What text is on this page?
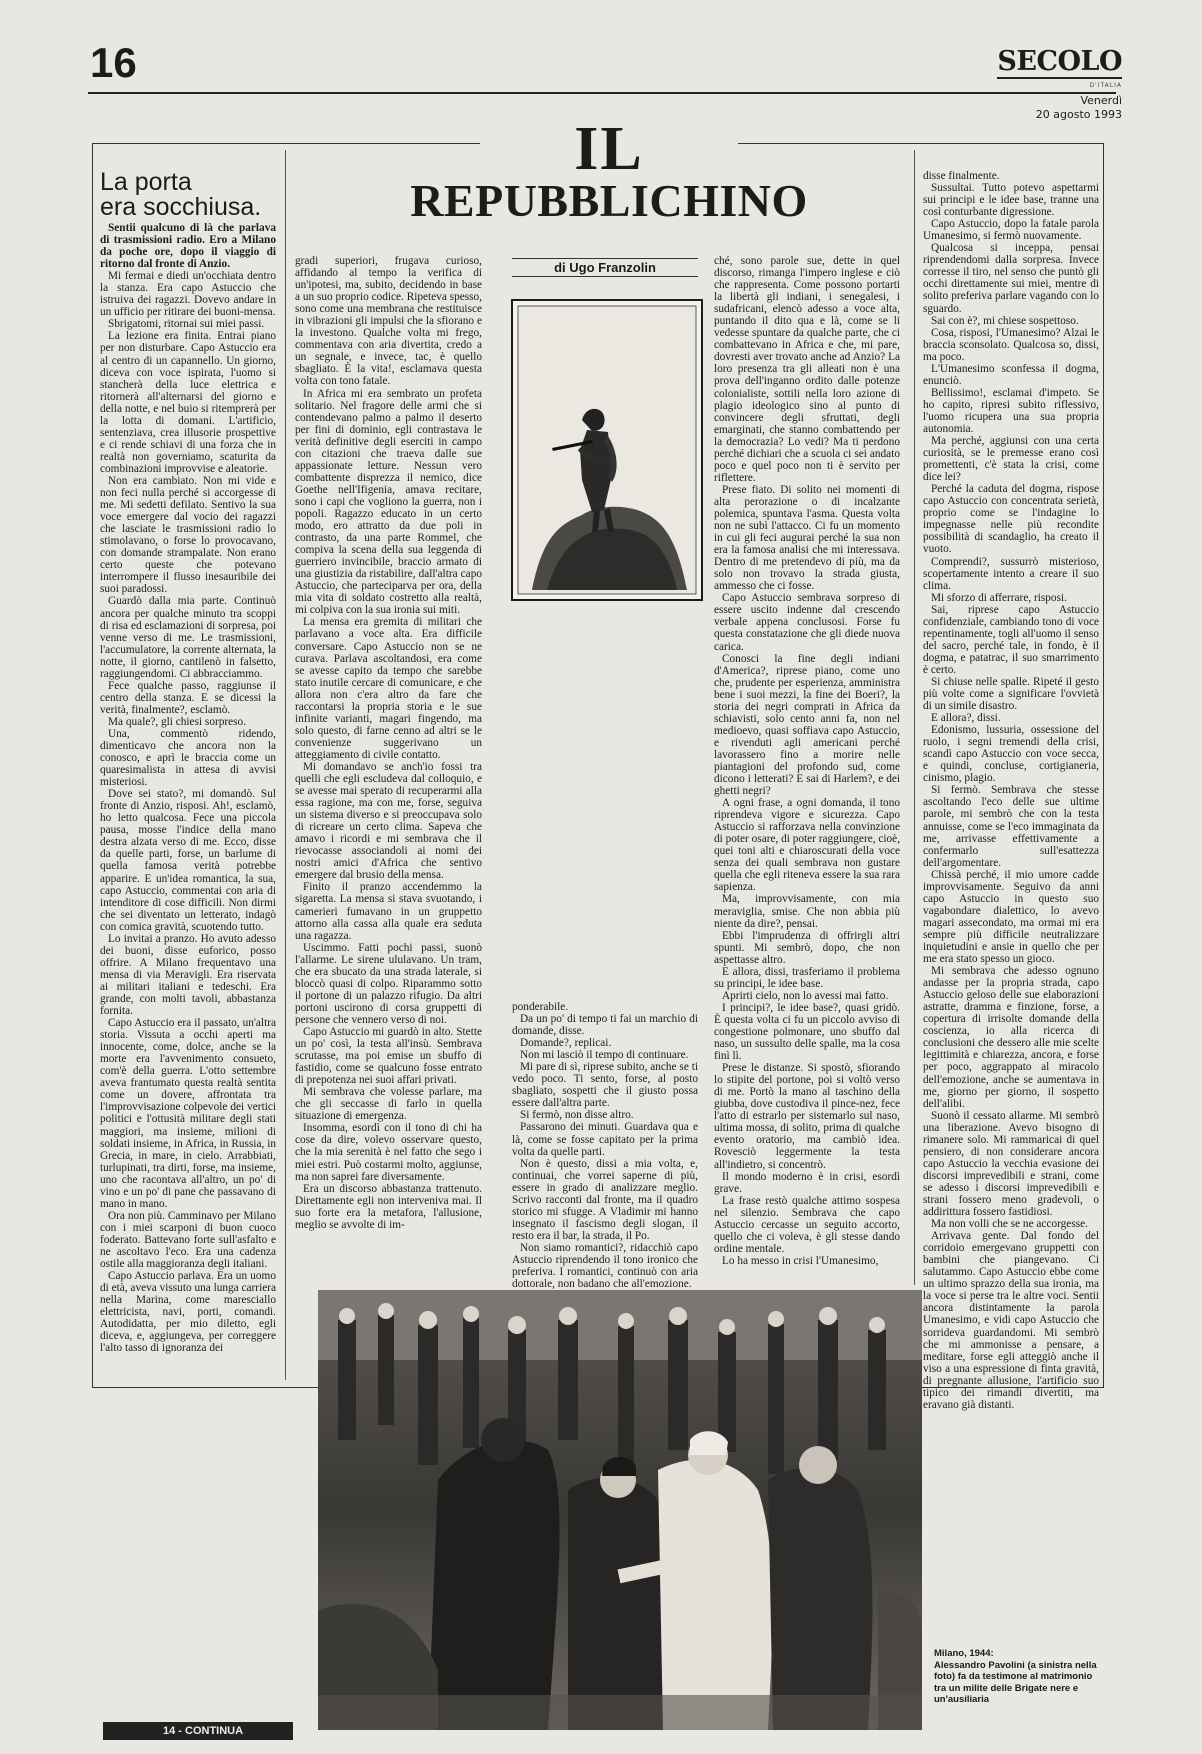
16	SECOLO
D'ITALIA
Venerdì
20 agosto 1993
IL
REPUBBLICHINO
La porta
era socchiusa.
di Ugo Franzolin

Sentii qualcuno di là che parlava di trasmissioni radio. Ero a Milano da poche ore, dopo il viaggio di ritorno dal fronte di Anzio.

Mi fermai e diedi un'occhiata dentro la stanza. Era capo Astuccio che istruiva dei ragazzi. Dovevo andare in un ufficio per ritirare dei buoni-mensa.

Sbrigatomi, ritornai sui miei passi.

La lezione era finita. Entrai piano per non disturbare. Capo Astuccio era al centro di un capannello. Un giorno, diceva con voce ispirata, l'uomo si stancherà della luce elettrica e ritornerà all'alternarsi del giorno e della notte, e nel buio si ritemprerà per la lotta di domani. L'artificio, sentenziava, crea illusorie prospettive e ci rende schiavi di una forza che in realtà non governiamo, scaturita da combinazioni improvvise e aleatorie.

Non era cambiato. Non mi vide e non feci nulla perché si accorgesse di me. Mi sedetti defilato. Sentivo la sua voce emergere dal vocio dei ragazzi che lasciate le trasmissioni radio lo stimolavano, o forse lo provocavano, con domande strampalate. Non erano certo queste che potevano interrompere il flusso inesauribile dei suoi paradossi.

Guardò dalla mia parte. Continuò ancora per qualche minuto tra scoppi di risa ed esclamazioni di sorpresa, poi venne verso di me. Le trasmissioni, l'accumulatore, la corrente alternata, la notte, il giorno, cantilenò in falsetto, raggiungendomi. Ci abbracciammo.

Fece qualche passo, raggiunse il centro della stanza. E se dicessi la verità, finalmente?, esclamò.

Ma quale?, gli chiesi sorpreso.

Una, commentò ridendo, dimenticavo che ancora non la conosco, e aprì le braccia come un quaresimalista in attesa di avvisi misteriosi.

Dove sei stato?, mi domandò. Sul fronte di Anzio, risposi. Ah!, esclamò, ho letto qualcosa. Fece una piccola pausa, mosse l'indice della mano destra alzata verso di me. Ecco, disse da quelle parti, forse, un barlume di quella famosa verità potrebbe apparire. E un'idea romantica, la sua, capo Astuccio, commentai con aria di intenditore di cose difficili. Non dirmi che sei diventato un letterato, indagò con comica gravità, scuotendo tutto.

Lo invitai a pranzo. Ho avuto adesso dei buoni, disse euforico, posso offrire. A Milano frequentavo una mensa di via Meravigli. Era riservata ai militari italiani e tedeschi. Era grande, con molti tavoli, abbastanza fornita.

Capo Astuccio era il passato, un'altra storia. Vissuta a occhi aperti ma innocente, come, dolce, anche se la morte era l'avvenimento consueto, com'è della guerra. L'otto settembre aveva frantumato questa realtà sentita come un dovere, affrontata tra l'improvvisazione colpevole dei vertici politici e l'ottusità militare degli stati maggiori, ma insieme, milioni di soldati insieme, in Africa, in Russia, in Grecia, in mare, in cielo. Arrabbiati, turlupinati, tra dirti, forse, ma insieme, uno che racontava all'altro, un po' di vino e un po' di pane che passavano di mano in mano.

Ora non più. Camminavo per Milano con i miei scarponi di buon cuoco foderato. Battevano forte sull'asfalto e ne ascoltavo l'eco. Era una cadenza ostile alla maggioranza degli italiani.

Capo Astuccio parlava. Era un uomo di età, aveva vissuto una lunga carriera nella Marina, come maresciallo elettricista, navi, porti, comandi. Autodidatta, per mio diletto, egli diceva, e, aggiungeva, per correggere l'alto tasso di ignoranza dei

gradi superiori, frugava curioso, affidando al tempo la verifica di un'ipotesi, ma, subito, decidendo in base a un suo proprio codice. Ripeteva spesso, sono come una membrana che restituisce in vibrazioni gli impulsi che la sfiorano e la investono. Qualche volta mi frego, commentava con aria divertita, credo a un segnale, e invece, tac, è quello sbagliato. È la vita!, esclamava questa volta con tono fatale.

In Africa mi era sembrato un profeta solitario. Nel fragore delle armi che si contendevano palmo a palmo il deserto per fini di dominio, egli contrastava le verità definitive degli eserciti in campo con citazioni che traeva dalle sue appassionate letture. Nessun vero combattente disprezza il nemico, dice Goethe nell'Ifigenia, amava recitare, sono i capi che vogliono la guerra, non i popoli. Ragazzo educato in un certo modo, ero attratto da due poli in contrasto, da una parte Rommel, che compiva la scena della sua leggenda di guerriero invincibile, braccio armato di una giustizia da ristabilire, dall'altra capo Astuccio, che parteciparva per ora, della mia vita di soldato costretto alla realtà, mi colpiva con la sua ironia sui miti.

La mensa era gremita di militari che parlavano a voce alta. Era difficile conversare. Capo Astuccio non se ne curava. Parlava ascoltandosi, era come se avesse capito da tempo che sarebbe stato inutile cercare di comunicare, e che allora non c'era altro da fare che raccontarsi la propria storia e le sue infinite varianti, magari fingendo, ma solo questo, di farne cenno ad altri se le convenienze suggerivano un atteggiamento di civile contatto.

Mi domandavo se anch'io fossi tra quelli che egli escludeva dal colloquio, e se avesse mai sperato di recuperarmi alla essa ragione, ma con me, forse, seguiva un sistema diverso e si preoccupava solo di ricreare un certo clima. Sapeva che amavo i ricordi e mi sembrava che il rievocasse associandoli ai nomi dei nostri amici d'Africa che sentivo emergere dal brusio della mensa.

Finito il pranzo accendemmo la sigaretta. La mensa si stava svuotando, i camerieri fumavano in un gruppetto attorno alla cassa alla quale era seduta una ragazza.

Uscimmo. Fatti pochi passi, suonò l'allarme. Le sirene ululavano. Un tram, che era sbucato da una strada laterale, si bloccò quasi di colpo. Riparammo sotto il portone di un palazzo rifugio. Da altri portoni uscirono di corsa gruppetti di persone che vennero verso di noi.

Capo Astuccio mi guardò in alto. Stette un po' così, la testa all'insù. Sembrava scrutasse, ma poi emise un sbuffo di fastidio, come se qualcuno fosse entrato di prepotenza nei suoi affari privati.

Mi sembrava che volesse parlare, ma che gli seccasse di farlo in quella situazione di emergenza.

Insomma, esordì con il tono di chi ha cose da dire, volevo osservare questo, che la mia serenità è nel fatto che sego i miei estri. Può costarmi molto, aggiunse, ma non saprei fare diversamente.

Era un discorso abbastanza trattenuto. Direttamente egli non interveniva mai. Il suo forte era la metafora, l'allusione, meglio se avvolte di im-

ponderabile.

Da un po' di tempo ti fai un marchio di domande, disse.

Domande?, replicai.

Non mi lasciò il tempo di continuare.

Mi pare di sì, riprese subito, anche se ti vedo poco. Ti sento, forse, al posto sbagliato, sospetti che il giusto possa essere dall'altra parte.

Si fermò, non disse altro.

Passarono dei minuti. Guardava qua e là, come se fosse capitato per la prima volta da quelle parti.

Non è questo, dissi a mia volta, e, continuai, che vorrei saperne di più, essere in grado di analizzare meglio. Scrivo racconti dal fronte, ma il quadro storico mi sfugge. A Vladimir mi hanno insegnato il fascismo degli slogan, il resto era il bar, la strada, il Po.

Non siamo romantici?, ridacchiò capo Astuccio riprendendo il tono ironico che preferiva. I romantici, continuò con aria dottorale, non badano che all'emozione.

ché, sono parole sue, dette in quel discorso, rimanga l'impero inglese e ciò che rappresenta. Come possono portarti la libertà gli indiani, i senegalesi, i sudafricani, elencò adesso a voce alta, puntando il dito qua e là, come se li vedesse spuntare da qualche parte, che ci combattevano in Africa e che, mi pare, dovresti aver trovato anche ad Anzio? La loro presenza tra gli alleati non è una prova dell'inganno ordito dalle potenze colonialiste, sottili nella loro azione di plagio ideologico sino al punto di convincere degli sfruttati, degli emarginati, che stanno combattendo per la democrazia? Lo vedi? Ma ti perdono perché dichiari che a scuola ci sei andato poco e quel poco non ti è servito per riflettere.

Prese fiato. Di solito nei momenti di alta perorazione o di incalzante polemica, spuntava l'asma. Questa volta non ne subì l'attacco. Ci fu un momento in cui gli feci augurai perché la sua non era la famosa analisi che mi interessava. Dentro di me pretendevo di più, ma da solo non trovavo la strada giusta, ammesso che ci fosse.

Capo Astuccio sembrava sorpreso di essere uscito indenne dal crescendo verbale appena conclusosi. Forse fu questa constatazione che gli diede nuova carica.

Conosci la fine degli indiani d'America?, riprese piano, come uno che, prudente per esperienza, amministra bene i suoi mezzi, la fine dei Boeri?, la storia dei negri comprati in Africa da schiavisti, solo cento anni fa, non nel medioevo, quasi soffiava capo Astuccio, e rivenduti agli americani perché lavorassero fino a morire nelle piantagioni del profondo sud, come dicono i letterati? E sai di Harlem?, e dei ghetti negri?

A ogni frase, a ogni domanda, il tono riprendeva vigore e sicurezza. Capo Astuccio si rafforzava nella convinzione di poter osare, di poter raggiungere, cioè, quei toni alti e chiaroscurati della voce senza dei quali sembrava non gustare quella che egli riteneva essere la sua rara sapienza.

Ma, improvvisamente, con mia meraviglia, smise. Che non abbia più niente da dire?, pensai.

Ebbi l'imprudenza di offrirgli altri spunti. Mi sembrò, dopo, che non aspettasse altro.

E allora, dissi, trasferiamo il problema su principi, le idee base.

Aprirti cielo, non lo avessi mai fatto.

I principi?, le idee base?, quasi gridò. È questa volta ci fu un piccolo avviso di congestione polmonare, uno sbuffo dal naso, un sussulto delle spalle, ma la cosa finì lì.

Prese le distanze. Si spostò, sfiorando lo stipite del portone, poi si voltò verso di me. Portò la mano al taschino della giubba, dove custodiva il pince-nez, fece l'atto di estrarlo per sistemarlo sul naso, ultima mossa, di solito, prima di qualche evento oratorio, ma cambiò idea. Rovesciò leggermente la testa all'indietro, si concentrò.

Il mondo moderno è in crisi, esordì grave.

La frase restò qualche attimo sospesa nel silenzio. Sembrava che capo Astuccio cercasse un seguito accorto, quello che ci voleva, è gli stesse dando ordine mentale.

Lo ha messo in crisi l'Umanesimo,

disse finalmente.

Sussultai. Tutto potevo aspettarmi sui principi e le idee base, tranne una così conturbante digressione.

Capo Astuccio, dopo la fatale parola Umanesimo, si fermò nuovamente.

Qualcosa si inceppa, pensai riprendendomi dalla sorpresa. Invece corresse il tiro, nel senso che puntò gli occhi direttamente sui miei, mentre di solito preferiva parlare vagando con lo sguardo.

Sai con è?, mi chiese sospettoso.

Cosa, risposi, l'Umanesimo? Alzai le braccia sconsolato. Qualcosa so, dissi, ma poco.

L'Umanesimo sconfessa il dogma, enunciò.

Bellissimo!, esclamai d'impeto. Se ho capito, ripresi subito riflessivo, l'uomo ricupera una sua propria autonomia.

Ma perché, aggiunsi con una certa curiosità, se le premesse erano così promettenti, c'è stata la crisi, come dice lei?

Perché la caduta del dogma, rispose capo Astuccio con concentrata serietà, proprio come se l'indagine lo impegnasse nelle più recondite possibilità di scandaglio, ha creato il vuoto.

Comprendi?, sussurrò misterioso, scopertamente intento a creare il suo clima.

Mi sforzo di afferrare, risposi.

Sai, riprese capo Astuccio confidenziale, cambiando tono di voce repentinamente, togli all'uomo il senso del sacro, perché tale, in fondo, è il dogma, e patatrac, il suo smarrimento è certo.

Si chiuse nelle spalle. Ripeté il gesto più volte come a significare l'ovvietà di un simile disastro.

E allora?, dissi.

Edonismo, lussuria, ossessione del ruolo, i segni tremendi della crisi, scandì capo Astuccio con voce secca, e quindi, concluse, cortigianeria, cinismo, plagio.

Si fermò. Sembrava che stesse ascoltando l'eco delle sue ultime parole, mi sembrò che con la testa annuisse, come se l'eco immaginata da me, arrivasse effettivamente a confermarlo sull'esattezza dell'argomentare.

Chissà perché, il mio umore cadde improvvisamente. Seguivo da anni capo Astuccio in questo suo vagabondare dialettico, lo avevo magari assecondato, ma ormai mi era sempre più difficile neutralizzare inquietudini e ansie in quello che per me era stato spesso un gioco.

Mi sembrava che adesso ognuno andasse per la propria strada, capo Astuccio geloso delle sue elaborazioni astratte, dramma e finzione, forse, a copertura di irrisolte domande della coscienza, io alla ricerca di conclusioni che dessero alle mie scelte legittimità e chiarezza, ancora, e forse per poco, aggrappato al miracolo dell'emozione, anche se aumentava in me, giorno per giorno, il sospetto dell'alibi.

Suonò il cessato allarme. Mi sembrò una liberazione. Avevo bisogno di rimanere solo. Mi rammaricai di quel pensiero, di non considerare ancora capo Astuccio la vecchia evasione dei discorsi imprevedibili e strani, come se adesso i discorsi imprevedibili e strani fossero meno gradevoli, o addirittura fossero fastidiosi.

Ma non volli che se ne accorgesse.

Arrivava gente. Dal fondo del corridoio emergevano gruppetti con bambini che piangevano. Ci salutammo. Capo Astuccio ebbe come un ultimo sprazzo della sua ironia, ma la voce si perse tra le altre voci. Sentii ancora distintamente la parola Umanesimo, e vidi capo Astuccio che sorrideva guardandomi. Mi sembrò che mi ammonisse a pensare, a meditare, forse egli atteggiò anche il viso a una espressione di finta gravità, di pregnante allusione, l'artificio suo tipico dei rimandi divertiti, ma eravano già distanti.

Milano, 1944:
Alessandro Pavolini (a sinistra nella foto) fa da testimone al matrimonio tra un milite delle Brigate nere e un'ausiliaria
14 - CONTINUA
